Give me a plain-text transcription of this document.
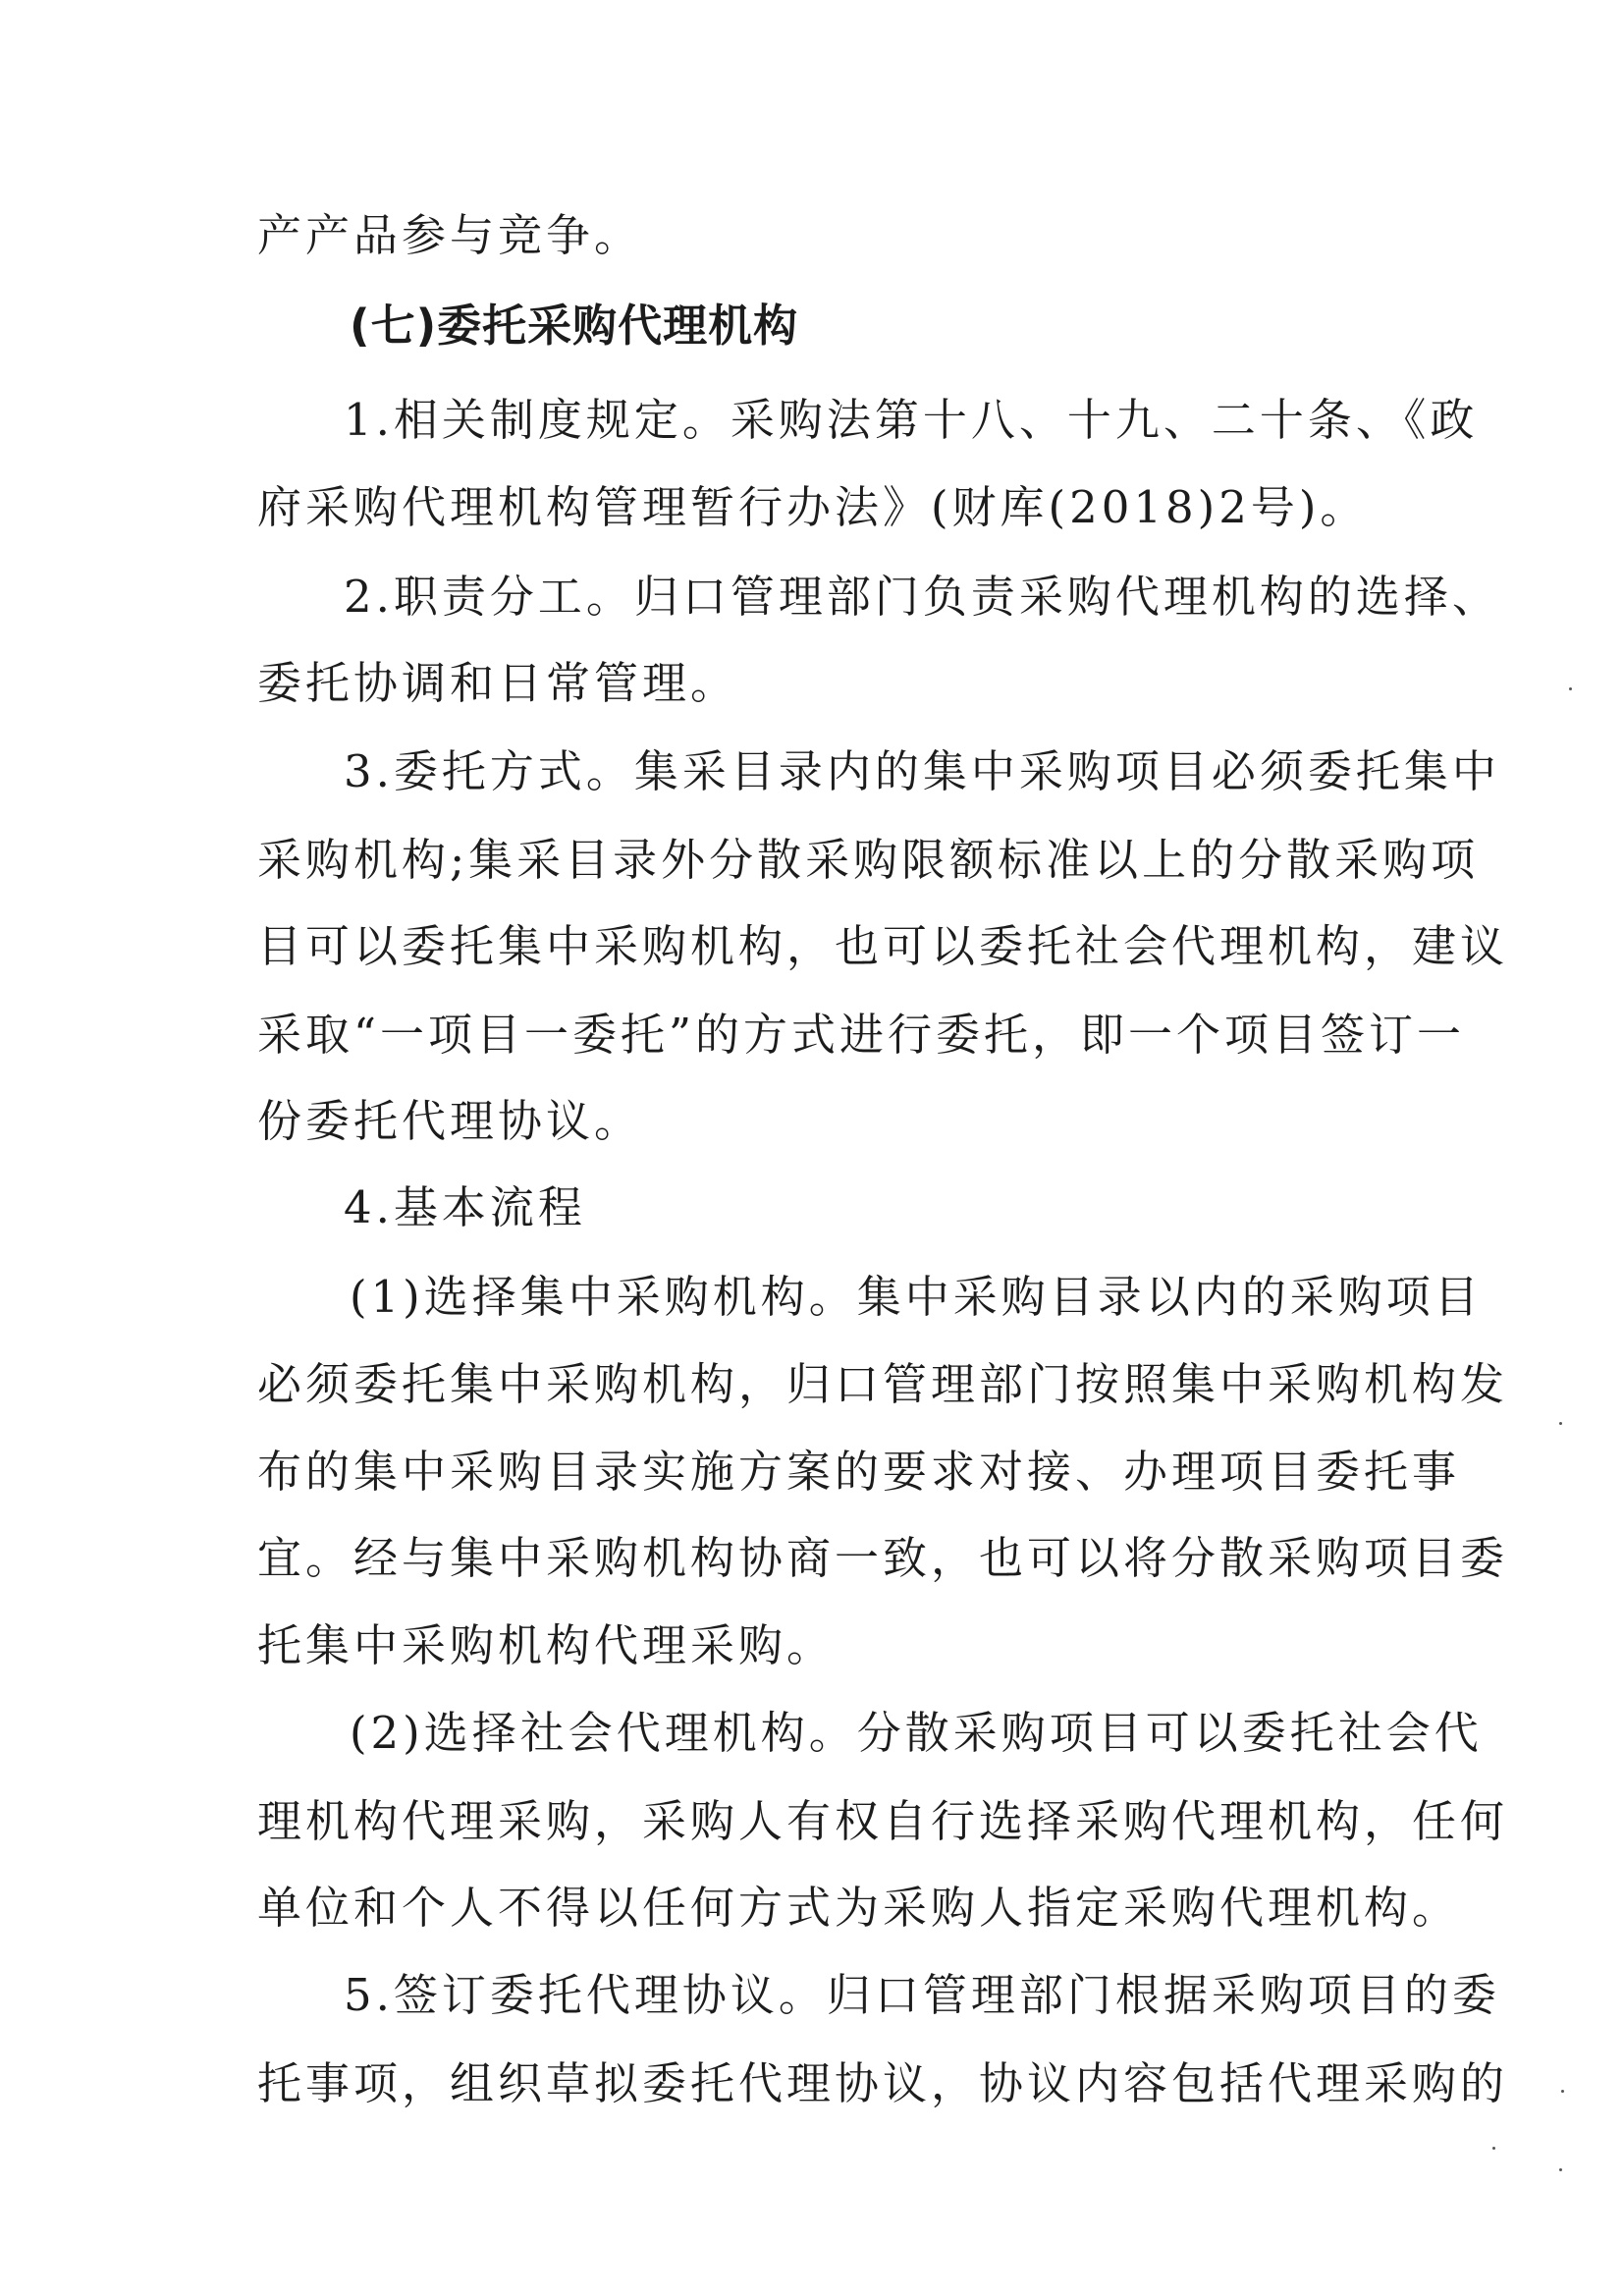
产产品参与竞争。

(七)委托采购代理机构

1.相关制度规定。采购法第十八、十九、二十条、《政

府采购代理机构管理暂行办法》(财库(2018)2号)。

2.职责分工。归口管理部门负责采购代理机构的选择、

委托协调和日常管理。

3.委托方式。集采目录内的集中采购项目必须委托集中

采购机构;集采目录外分散采购限额标准以上的分散采购项

目可以委托集中采购机构，也可以委托社会代理机构，建议

采取“一项目一委托”的方式进行委托，即一个项目签订一

份委托代理协议。

4.基本流程

(1)选择集中采购机构。集中采购目录以内的采购项目

必须委托集中采购机构，归口管理部门按照集中采购机构发

布的集中采购目录实施方案的要求对接、办理项目委托事

宜。经与集中采购机构协商一致，也可以将分散采购项目委

托集中采购机构代理采购。

(2)选择社会代理机构。分散采购项目可以委托社会代

理机构代理采购，采购人有权自行选择采购代理机构，任何

单位和个人不得以任何方式为采购人指定采购代理机构。

5.签订委托代理协议。归口管理部门根据采购项目的委

托事项，组织草拟委托代理协议，协议内容包括代理采购的
